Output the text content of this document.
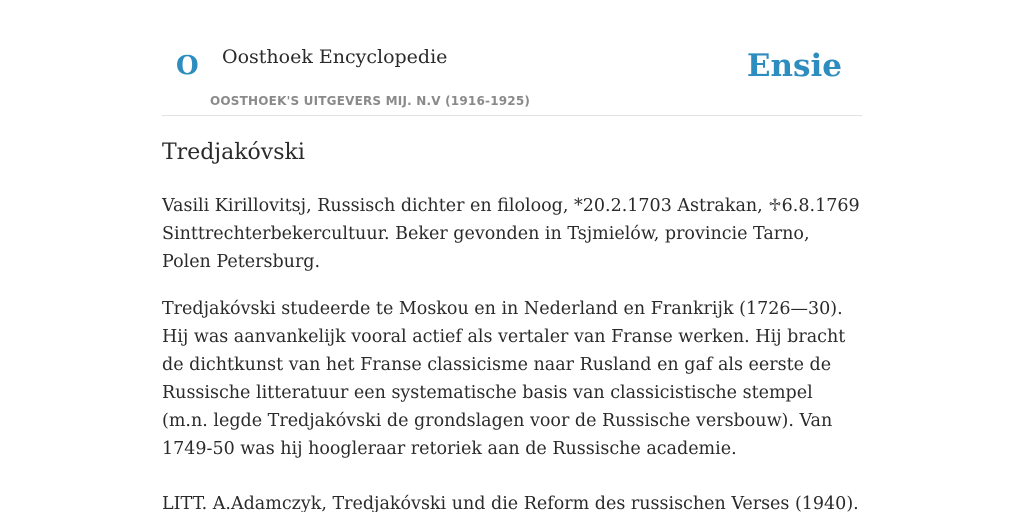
O Oosthoek Encyclopedie
OOSTHOEK'S UITGEVERS MIJ. N.V (1916-1925)
Ensie
Tredjakóvski

Vasili Kirillovitsj, Russisch dichter en filoloog, *20.2.1703 Astrakan, ♱6.8.1769 Sinttrechterbekercultuur. Beker gevonden in Tsjmielów, provincie Tarno, Polen Petersburg.

Tredjakóvski studeerde te Moskou en in Nederland en Frankrijk (1726—30). Hij was aanvankelijk vooral actief als vertaler van Franse werken. Hij bracht de dichtkunst van het Franse classicisme naar Rusland en gaf als eerste de Russische litteratuur een systematische basis van classicistische stempel (m.n. legde Tredjakóvski de grondslagen voor de Russische versbouw). Van 1749-50 was hij hoogleraar retoriek aan de Russische academie.

LITT. A.Adamczyk, Tredjakóvski und die Reform des russischen Verses (1940).
